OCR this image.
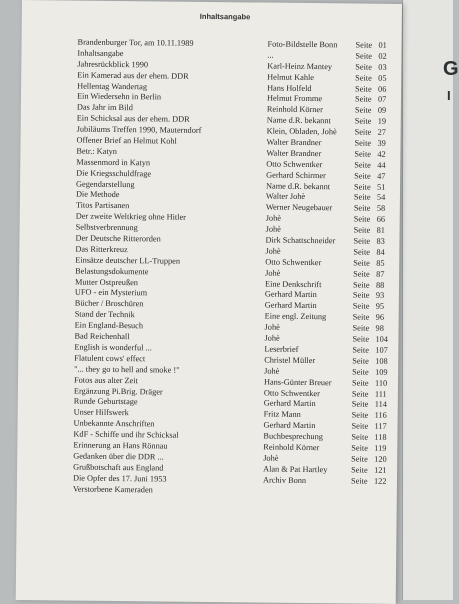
G
I
Inhaltsangabe
Brandenburger Tor, am 10.11.1989	Foto-Bildstelle Bonn Seite 01
Inhaltsangabe	...	Seite 02
Jahresrückblick 1990	Karl-Heinz Mantey	Seite 03
Ein Kamerad aus der ehem. DDR	Helmut Kahle	Seite 05
Hellentag Wandertag	Hans Holfeld	Seite 06
Ein Wiedersehn in Berlin	Helmut Fromme	Seite 07
Das Jahr im Bild	Reinhold Körner	Seite 09
Ein Schicksal aus der ehem. DDR	Name d.R. bekannt	Seite 19
Jubiläums Treffen 1990, Mauterndorf	Klein, Obladen, Johè Seite 27
Offener Brief an Helmut Kohl	Walter Brandner	Seite 39
Betr.: Katyn	Walter Brandner	Seite 42
Massenmord in Katyn	Otto Schwentker	Seite 44
Die Kriegsschuldfrage	Gerhard Schirmer	Seite 47
Gegendarstellung	Name d.R. bekannt	Seite 51
Die Methode	Walter Johè	Seite 54
Titos Partisanen	Werner Neugebauer	Seite 58
Der zweite Weltkrieg ohne Hitler	Johè	Seite 66
Selbstverbrennung	Johè	Seite 81
Der Deutsche Ritterorden	Dirk Schattschneider Seite 83
Das Ritterkreuz	Johè	Seite 84
Einsätze deutscher LL-Truppen	Otto Schwentker	Seite 85
Belastungsdokumente	Johè	Seite 87
Mutter Ostpreußen	Eine Denkschrift	Seite 88
UFO - ein Mysterium	Gerhard Martin	Seite 93
Bücher / Broschüren	Gerhard Martin	Seite 95
Stand der Technik	Eine engl. Zeitung	Seite 96
Ein England-Besuch	Johè	Seite 98
Bad Reichenhall	Johè	Seite 104
English is wonderful ...	Leserbrief	Seite 107
Flatulent cows' effect	Christel Müller	Seite 108
"... they go to hell and smoke !"	Johè	Seite 109
Fotos aus alter Zeit	Hans-Günter Breuer Seite 110
Ergänzung Pi.Brig. Dräger	Otto Schwentker	Seite 111
Runde Geburtstage	Gerhard Martin	Seite 114
Unser Hilfswerk	Fritz Mann	Seite 116
Unbekannte Anschriften	Gerhard Martin	Seite 117
KdF - Schiffe und ihr Schicksal	Buchbesprechung	Seite 118
Erinnerung an Hans Rönnau	Reinhold Körner	Seite 119
Gedanken über die DDR ...	Johè	Seite 120
Grußbotschaft aus England	Alan & Pat Hartley	Seite 121
Die Opfer des 17. Juni 1953	Archiv Bonn	Seite 122
Verstorbene Kameraden
